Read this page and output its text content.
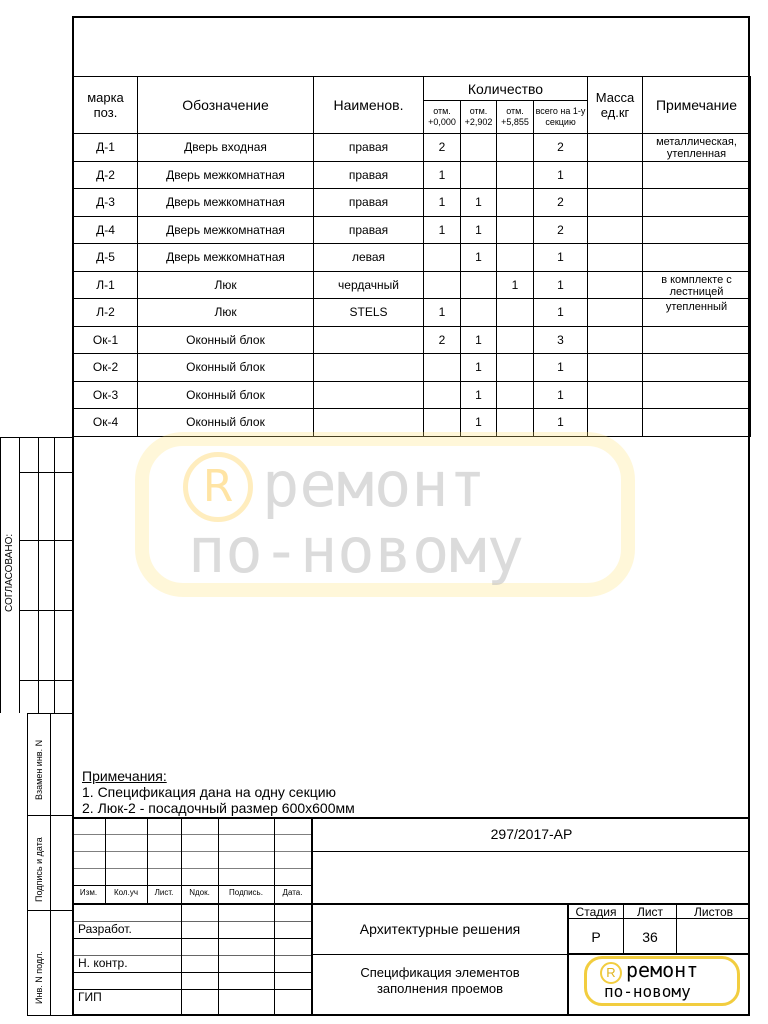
марка поз.	Обозначение	Наименов.	Количество				Масса ед.кг	Примечание
			отм. +0,000	отм. +2,902	отм. +5,855	всего на 1-у секцию		
Д-1	Дверь входная	правая	2			2		металлическая, утепленная
Д-2	Дверь межкомнатная	правая	1			1		
Д-3	Дверь межкомнатная	правая	1	1		2		
Д-4	Дверь межкомнатная	правая	1	1		2		
Д-5	Дверь межкомнатная	левая		1		1		
Л-1	Люк	чердачный			1	1		в комплекте с лестницей
Л-2	Люк	STELS	1			1		утепленный
Ок-1	Оконный блок		2	1		3		
Ок-2	Оконный блок			1		1		
Ок-3	Оконный блок			1		1		
Ок-4	Оконный блок			1		1		
R ремонт
по-новому
Примечания:
1. Спецификация дана на одну секцию
2. Люк-2 - посадочный размер 600х600мм
СОГЛАСОВАНО:
Взамен инв. N
Подпись и дата
Инв. N подл.
Изм.	Кол.уч	Лист.	Nдок.	Подпись.	Дата.
Разработ.
Н. контр.
ГИП
297/2017-АР
Архитектурные решения
Спецификация элементов заполнения проемов
Стадия	Лист	Листов
Р	36
R ремонт
по-новому
